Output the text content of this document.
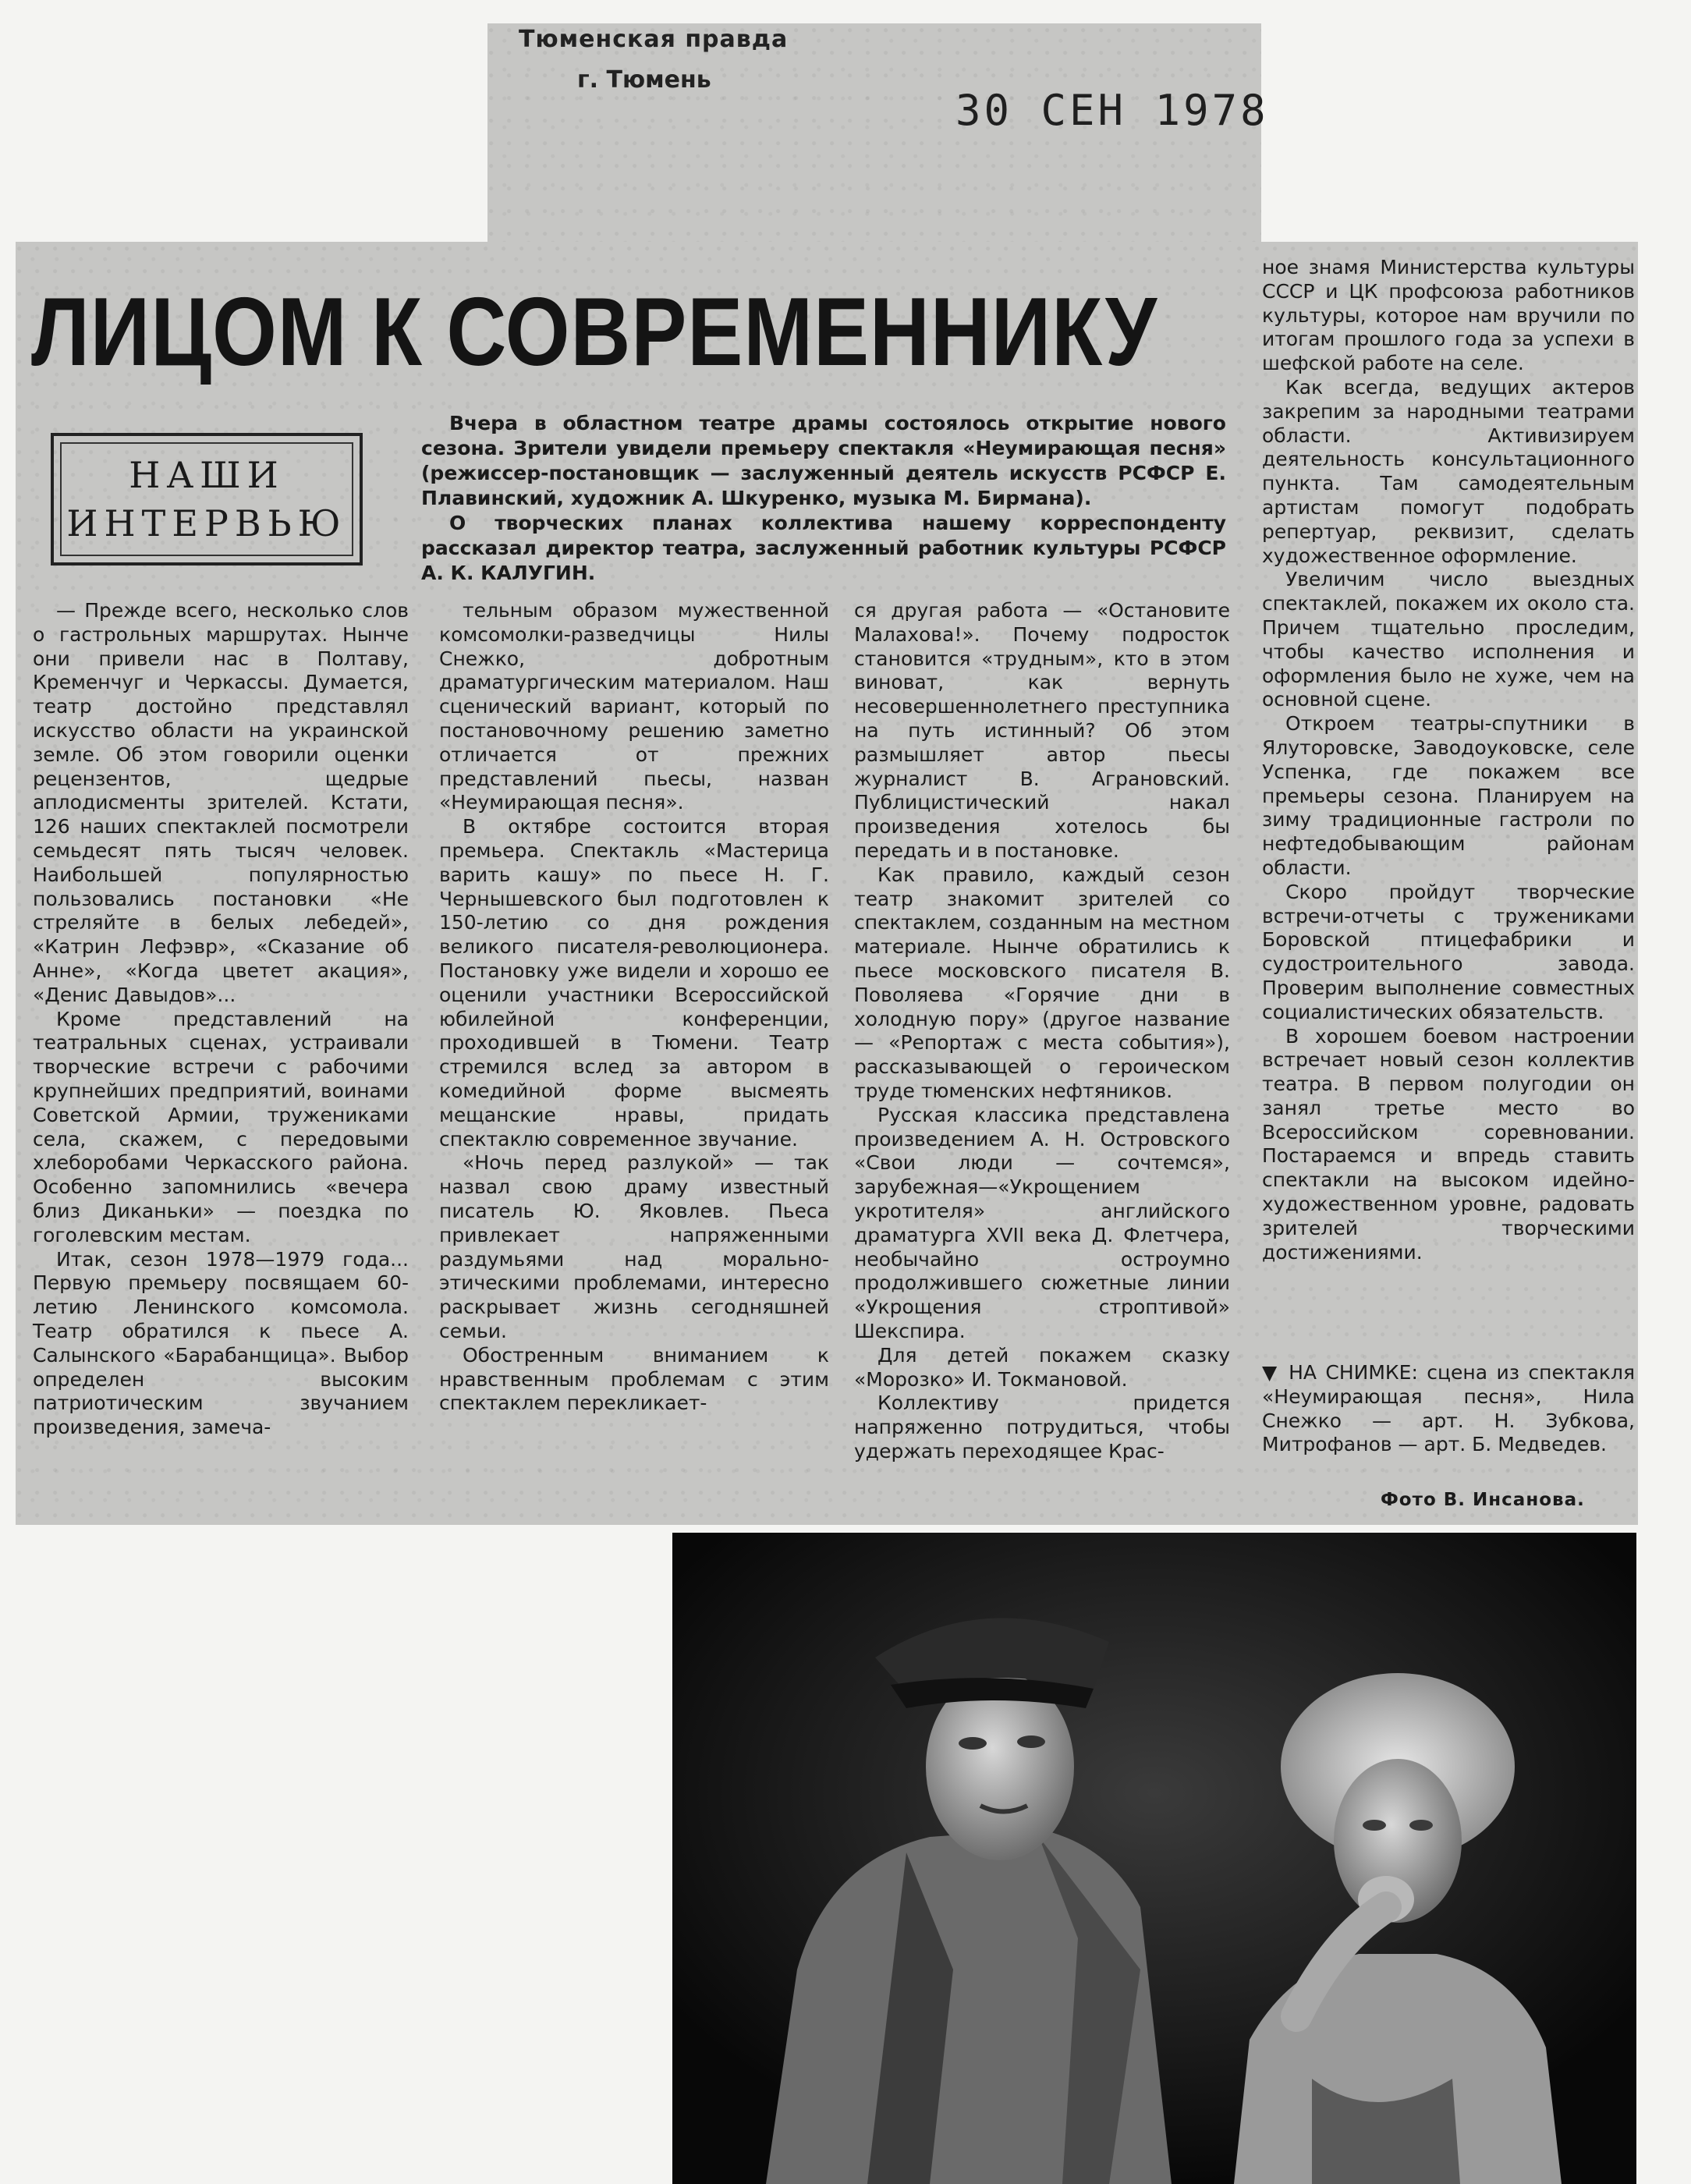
Тюменская правда
г. Тюмень
30 СЕН 1978
ЛИЦОМ К СОВРЕМЕННИКУ
НАШИ
ИНТЕРВЬЮ

Вчера в областном театре драмы состоялось открытие нового сезона. Зрители увидели премьеру спектакля «Неумирающая песня» (режиссер-постановщик — заслуженный деятель искусств РСФСР Е. Плавинский, художник А. Шкуренко, музыка М. Бирмана).

О творческих планах коллектива нашему корреспонденту рассказал директор театра, заслуженный работник культуры РСФСР А. К. КАЛУГИН.

— Прежде всего, несколько слов о гастрольных маршрутах. Нынче они привели нас в Полтаву, Кременчуг и Черкассы. Думается, театр достойно представлял искусство области на украинской земле. Об этом говорили оценки рецензентов, щедрые аплодисменты зрителей. Кстати, 126 наших спектаклей посмотрели семьдесят пять тысяч человек. Наибольшей популярностью пользовались постановки «Не стреляйте в белых лебедей», «Катрин Лефэвр», «Сказание об Анне», «Когда цветет акация», «Денис Давыдов»...

Кроме представлений на театральных сценах, устраивали творческие встречи с рабочими крупнейших предприятий, воинами Советской Армии, тружениками села, скажем, с передовыми хлеборобами Черкасского района. Особенно запомнились «вечера близ Диканьки» — поездка по гоголевским местам.

Итак, сезон 1978—1979 года... Первую премьеру посвящаем 60-летию Ленинского комсомола. Театр обратился к пьесе А. Салынского «Барабанщица». Выбор определен высоким патриотическим звучанием произведения, замеча-

тельным образом мужественной комсомолки-разведчицы Нилы Снежко, добротным драматургическим материалом. Наш сценический вариант, который по постановочному решению заметно отличается от прежних представлений пьесы, назван «Неумирающая песня».

В октябре состоится вторая премьера. Спектакль «Мастерица варить кашу» по пьесе Н. Г. Чернышевского был подготовлен к 150-летию со дня рождения великого писателя-революционера. Постановку уже видели и хорошо ее оценили участники Всероссийской юбилейной конференции, проходившей в Тюмени. Театр стремился вслед за автором в комедийной форме высмеять мещанские нравы, придать спектаклю современное звучание.

«Ночь перед разлукой» — так назвал свою драму известный писатель Ю. Яковлев. Пьеса привлекает напряженными раздумьями над морально-этическими проблемами, интересно раскрывает жизнь сегодняшней семьи.

Обостренным вниманием к нравственным проблемам с этим спектаклем перекликает-

ся другая работа — «Остановите Малахова!». Почему подросток становится «трудным», кто в этом виноват, как вернуть несовершеннолетнего преступника на путь истинный? Об этом размышляет автор пьесы журналист В. Аграновский. Публицистический накал произведения хотелось бы передать и в постановке.

Как правило, каждый сезон театр знакомит зрителей со спектаклем, созданным на местном материале. Нынче обратились к пьесе московского писателя В. Поволяева «Горячие дни в холодную пору» (другое название — «Репортаж с места события»), рассказывающей о героическом труде тюменских нефтяников.

Русская классика представлена произведением А. Н. Островского «Свои люди — сочтемся», зарубежная—«Укрощением укротителя» английского драматурга XVII века Д. Флетчера, необычайно остроумно продолжившего сюжетные линии «Укрощения строптивой» Шекспира.

Для детей покажем сказку «Морозко» И. Токмановой.

Коллективу придется напряженно потрудиться, чтобы удержать переходящее Крас-

ное знамя Министерства культуры СССР и ЦК профсоюза работников культуры, которое нам вручили по итогам прошлого года за успехи в шефской работе на селе.

Как всегда, ведущих актеров закрепим за народными театрами области. Активизируем деятельность консультационного пункта. Там самодеятельным артистам помогут подобрать репертуар, реквизит, сделать художественное оформление.

Увеличим число выездных спектаклей, покажем их около ста. Причем тщательно проследим, чтобы качество исполнения и оформления было не хуже, чем на основной сцене.

Откроем театры-спутники в Ялуторовске, Заводоуковске, селе Успенка, где покажем все премьеры сезона. Планируем на зиму традиционные гастроли по нефтедобывающим районам области.

Скоро пройдут творческие встречи-отчеты с тружениками Боровской птицефабрики и судостроительного завода. Проверим выполнение совместных социалистических обязательств.

В хорошем боевом настроении встречает новый сезон коллектив театра. В первом полугодии он занял третье место во Всероссийском соревновании. Постараемся и впредь ставить спектакли на высоком идейно-художественном уровне, радовать зрителей творческими достижениями.

▼ НА СНИМКЕ: сцена из спектакля «Неумирающая песня», Нила Снежко — арт. Н. Зубкова, Митрофанов — арт. Б. Медведев.

Фото В. Инсанова.
